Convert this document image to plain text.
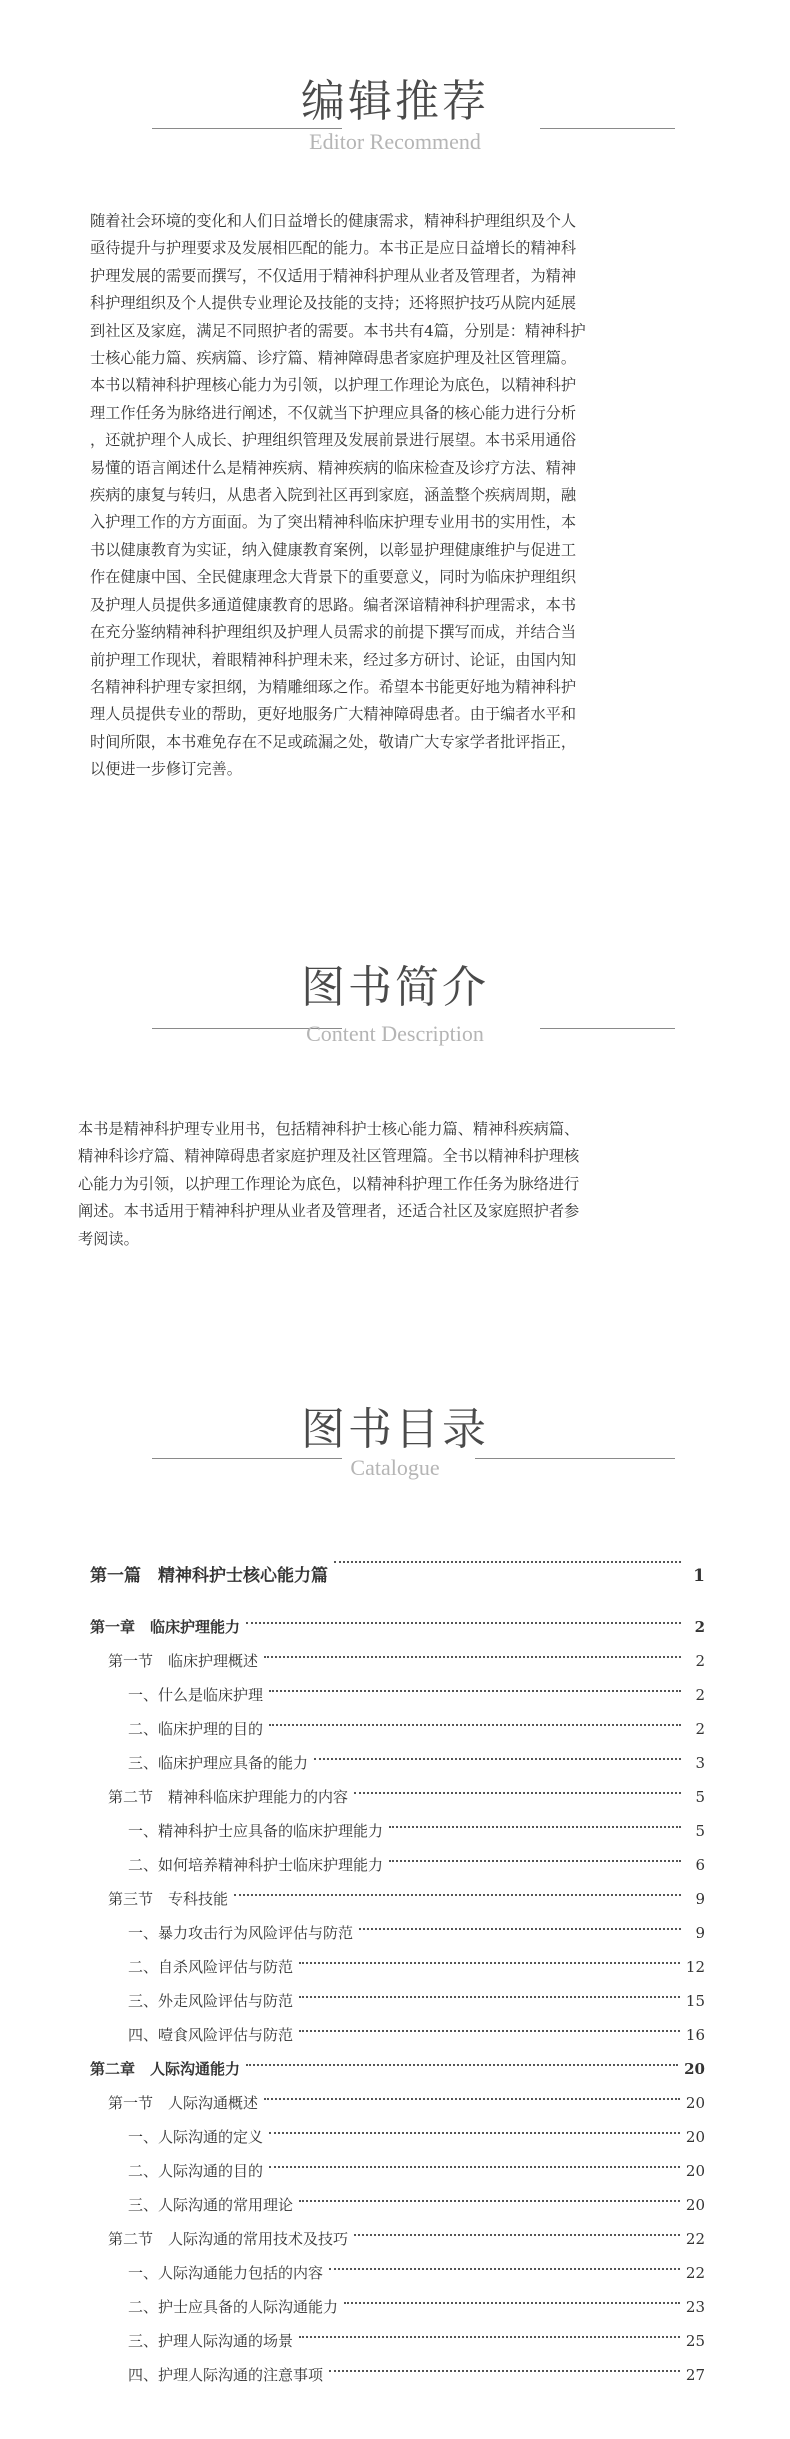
编辑推荐
Editor Recommend
随着社会环境的变化和人们日益增长的健康需求，精神科护理组织及个人
亟待提升与护理要求及发展相匹配的能力。本书正是应日益增长的精神科
护理发展的需要而撰写，不仅适用于精神科护理从业者及管理者，为精神
科护理组织及个人提供专业理论及技能的支持；还将照护技巧从院内延展
到社区及家庭，满足不同照护者的需要。本书共有4篇，分别是：精神科护
士核心能力篇、疾病篇、诊疗篇、精神障碍患者家庭护理及社区管理篇。
本书以精神科护理核心能力为引领，以护理工作理论为底色，以精神科护
理工作任务为脉络进行阐述，不仅就当下护理应具备的核心能力进行分析
，还就护理个人成长、护理组织管理及发展前景进行展望。本书采用通俗
易懂的语言阐述什么是精神疾病、精神疾病的临床检查及诊疗方法、精神
疾病的康复与转归，从患者入院到社区再到家庭，涵盖整个疾病周期，融
入护理工作的方方面面。为了突出精神科临床护理专业用书的实用性，本
书以健康教育为实证，纳入健康教育案例，以彰显护理健康维护与促进工
作在健康中国、全民健康理念大背景下的重要意义，同时为临床护理组织
及护理人员提供多通道健康教育的思路。编者深谙精神科护理需求，本书
在充分鉴纳精神科护理组织及护理人员需求的前提下撰写而成，并结合当
前护理工作现状，着眼精神科护理未来，经过多方研讨、论证，由国内知
名精神科护理专家担纲，为精雕细琢之作。希望本书能更好地为精神科护
理人员提供专业的帮助，更好地服务广大精神障碍患者。由于编者水平和
时间所限，本书难免存在不足或疏漏之处，敬请广大专家学者批评指正，
以便进一步修订完善。
图书简介
Content Description
本书是精神科护理专业用书，包括精神科护士核心能力篇、精神科疾病篇、
精神科诊疗篇、精神障碍患者家庭护理及社区管理篇。全书以精神科护理核
心能力为引领，以护理工作理论为底色，以精神科护理工作任务为脉络进行
阐述。本书适用于精神科护理从业者及管理者，还适合社区及家庭照护者参
考阅读。
图书目录
Catalogue
第一篇　精神科护士核心能力篇	1
第一章　临床护理能力	2
第一节　临床护理概述	2
一、什么是临床护理	2
二、临床护理的目的	2
三、临床护理应具备的能力	3
第二节　精神科临床护理能力的内容	5
一、精神科护士应具备的临床护理能力	5
二、如何培养精神科护士临床护理能力	6
第三节　专科技能	9
一、暴力攻击行为风险评估与防范	9
二、自杀风险评估与防范	12
三、外走风险评估与防范	15
四、噎食风险评估与防范	16
第二章　人际沟通能力	20
第一节　人际沟通概述	20
一、人际沟通的定义	20
二、人际沟通的目的	20
三、人际沟通的常用理论	20
第二节　人际沟通的常用技术及技巧	22
一、人际沟通能力包括的内容	22
二、护士应具备的人际沟通能力	23
三、护理人际沟通的场景	25
四、护理人际沟通的注意事项	27
